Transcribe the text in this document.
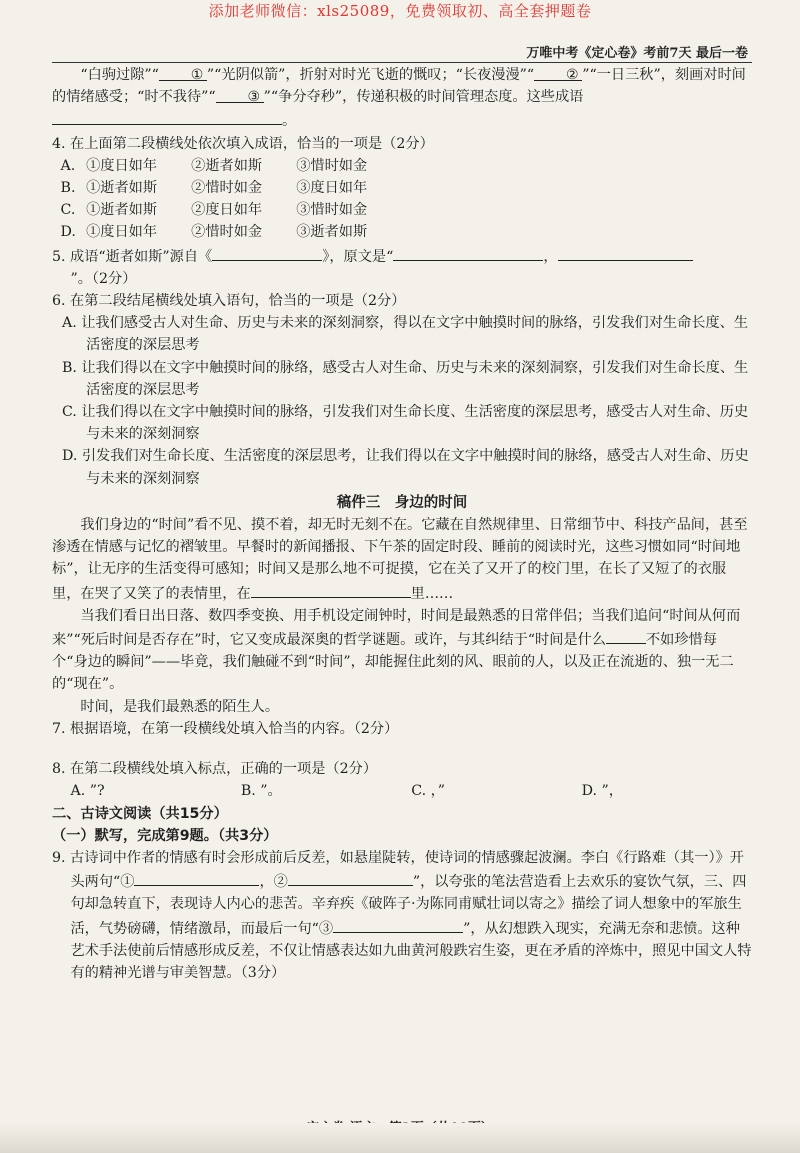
添加老师微信：xls25089，免费领取初、高全套押题卷
万唯中考《定心卷》考前7天 最后一卷

“白驹过隙”“ ① ”“光阴似箭”，折射对时光飞逝的慨叹；“长夜漫漫”“ ② ”“一日三秋”，刻画对时间的情绪感受；“时不我待”“ ③ ”“争分夺秒”，传递积极的时间管理态度。这些成语。

4. 在上面第二段横线处依次填入成语，恰当的一项是（2分）

A. ①度日如年	②逝者如斯	③惜时如金
B. ①逝者如斯	②惜时如金	③度日如年
C. ①逝者如斯	②度日如年	③惜时如金
D. ①度日如年	②惜时如金	③逝者如斯

5. 成语“逝者如斯”源自《	》，原文是“	，”。（2分）

6. 在第二段结尾横线处填入语句，恰当的一项是（2分）

A. 让我们感受古人对生命、历史与未来的深刻洞察，得以在文字中触摸时间的脉络，引发我们对生命长度、生活密度的深层思考

B. 让我们得以在文字中触摸时间的脉络，感受古人对生命、历史与未来的深刻洞察，引发我们对生命长度、生活密度的深层思考

C. 让我们得以在文字中触摸时间的脉络，引发我们对生命长度、生活密度的深层思考，感受古人对生命、历史与未来的深刻洞察

D. 引发我们对生命长度、生活密度的深层思考，让我们得以在文字中触摸时间的脉络，感受古人对生命、历史与未来的深刻洞察

稿件三　身边的时间

我们身边的“时间”看不见、摸不着，却无时无刻不在。它藏在自然规律里、日常细节中、科技产品间，甚至渗透在情感与记忆的褶皱里。早餐时的新闻播报、下午茶的固定时段、睡前的阅读时光，这些习惯如同“时间地标”，让无序的生活变得可感知；时间又是那么地不可捉摸，它在关了又开了的校门里，在长了又短了的衣服里，在哭了又笑了的表情里，在	里……

当我们看日出日落、数四季变换、用手机设定闹钟时，时间是最熟悉的日常伴侣；当我们追问“时间从何而来”“死后时间是否存在”时，它又变成最深奥的哲学谜题。或许，与其纠结于“时间是什么	不如珍惜每个“身边的瞬间”——毕竟，我们触碰不到“时间”，却能握住此刻的风、眼前的人，以及正在流逝的、独一无二的“现在”。

时间，是我们最熟悉的陌生人。

7. 根据语境，在第一段横线处填入恰当的内容。（2分）

8. 在第二段横线处填入标点，正确的一项是（2分）

A. ”?	B. ”。	C. ，”	D. ”，

二、古诗文阅读（共15分）

（一）默写，完成第9题。（共3分）

9. 古诗词中作者的情感有时会形成前后反差，如悬崖陡转，使诗词的情感骤起波澜。李白《行路难（其一）》开头两句“①	，②	”，以夸张的笔法营造看上去欢乐的宴饮气氛，三、四句却急转直下，表现诗人内心的悲苦。辛弃疾《破阵子·为陈同甫赋壮词以寄之》描绘了词人想象中的军旅生活，气势磅礴，情绪激昂，而最后一句“③	”，从幻想跌入现实，充满无奈和悲愤。这种艺术手法使前后情感形成反差，不仅让情感表达如九曲黄河般跌宕生姿，更在矛盾的淬炼中，照见中国文人特有的精神光谱与审美智慧。（3分）
